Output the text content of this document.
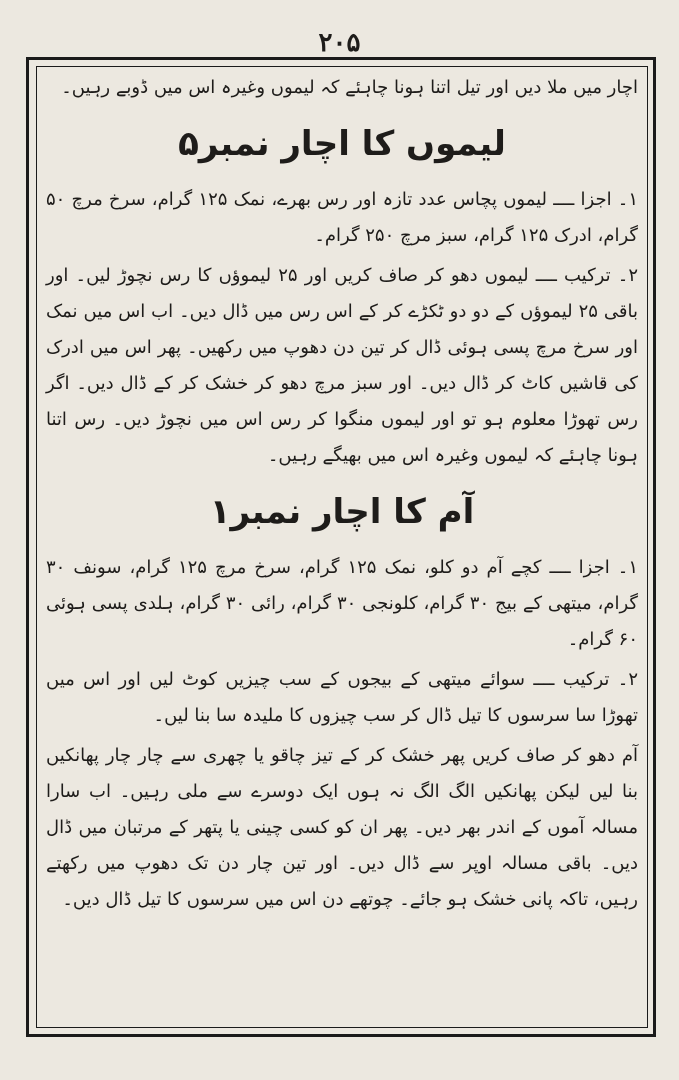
۲۰۵

اچار میں ملا دیں اور تیل اتنا ہونا چاہئے کہ لیموں وغیرہ اس میں ڈوبے رہیں۔

لیموں کا اچار نمبر۵

۱۔ اجزا ــــ لیموں پچاس عدد تازہ اور رس بھرے، نمک ۱۲۵ گرام، سرخ مرچ ۵۰ گرام، ادرک ۱۲۵ گرام، سبز مرچ ۲۵۰ گرام۔

۲۔ ترکیب ــــ لیموں دھو کر صاف کریں اور ۲۵ لیموؤں کا رس نچوڑ لیں۔ اور باقی ۲۵ لیموؤں کے دو دو ٹکڑے کر کے اس رس میں ڈال دیں۔ اب اس میں نمک اور سرخ مرچ پسی ہوئی ڈال کر تین دن دھوپ میں رکھیں۔ پھر اس میں ادرک کی قاشیں کاٹ کر ڈال دیں۔ اور سبز مرچ دھو کر خشک کر کے ڈال دیں۔ اگر رس تھوڑا معلوم ہو تو اور لیموں منگوا کر رس اس میں نچوڑ دیں۔ رس اتنا ہونا چاہئے کہ لیموں وغیرہ اس میں بھیگے رہیں۔

آم کا اچار نمبر۱

۱۔ اجزا ــــ کچے آم دو کلو، نمک ۱۲۵ گرام، سرخ مرچ ۱۲۵ گرام، سونف ۳۰ گرام، میتھی کے بیج ۳۰ گرام، کلونجی ۳۰ گرام، رائی ۳۰ گرام، ہلدی پسی ہوئی ۶۰ گرام۔

۲۔ ترکیب ــــ سوائے میتھی کے بیجوں کے سب چیزیں کوٹ لیں اور اس میں تھوڑا سا سرسوں کا تیل ڈال کر سب چیزوں کا ملیدہ سا بنا لیں۔

آم دھو کر صاف کریں پھر خشک کر کے تیز چاقو یا چھری سے چار چار پھانکیں بنا لیں لیکن پھانکیں الگ الگ نہ ہوں ایک دوسرے سے ملی رہیں۔ اب سارا مسالہ آموں کے اندر بھر دیں۔ پھر ان کو کسی چینی یا پتھر کے مرتبان میں ڈال دیں۔ باقی مسالہ اوپر سے ڈال دیں۔ اور تین چار دن تک دھوپ میں رکھتے رہیں، تاکہ پانی خشک ہو جائے۔ چوتھے دن اس میں سرسوں کا تیل ڈال دیں۔
